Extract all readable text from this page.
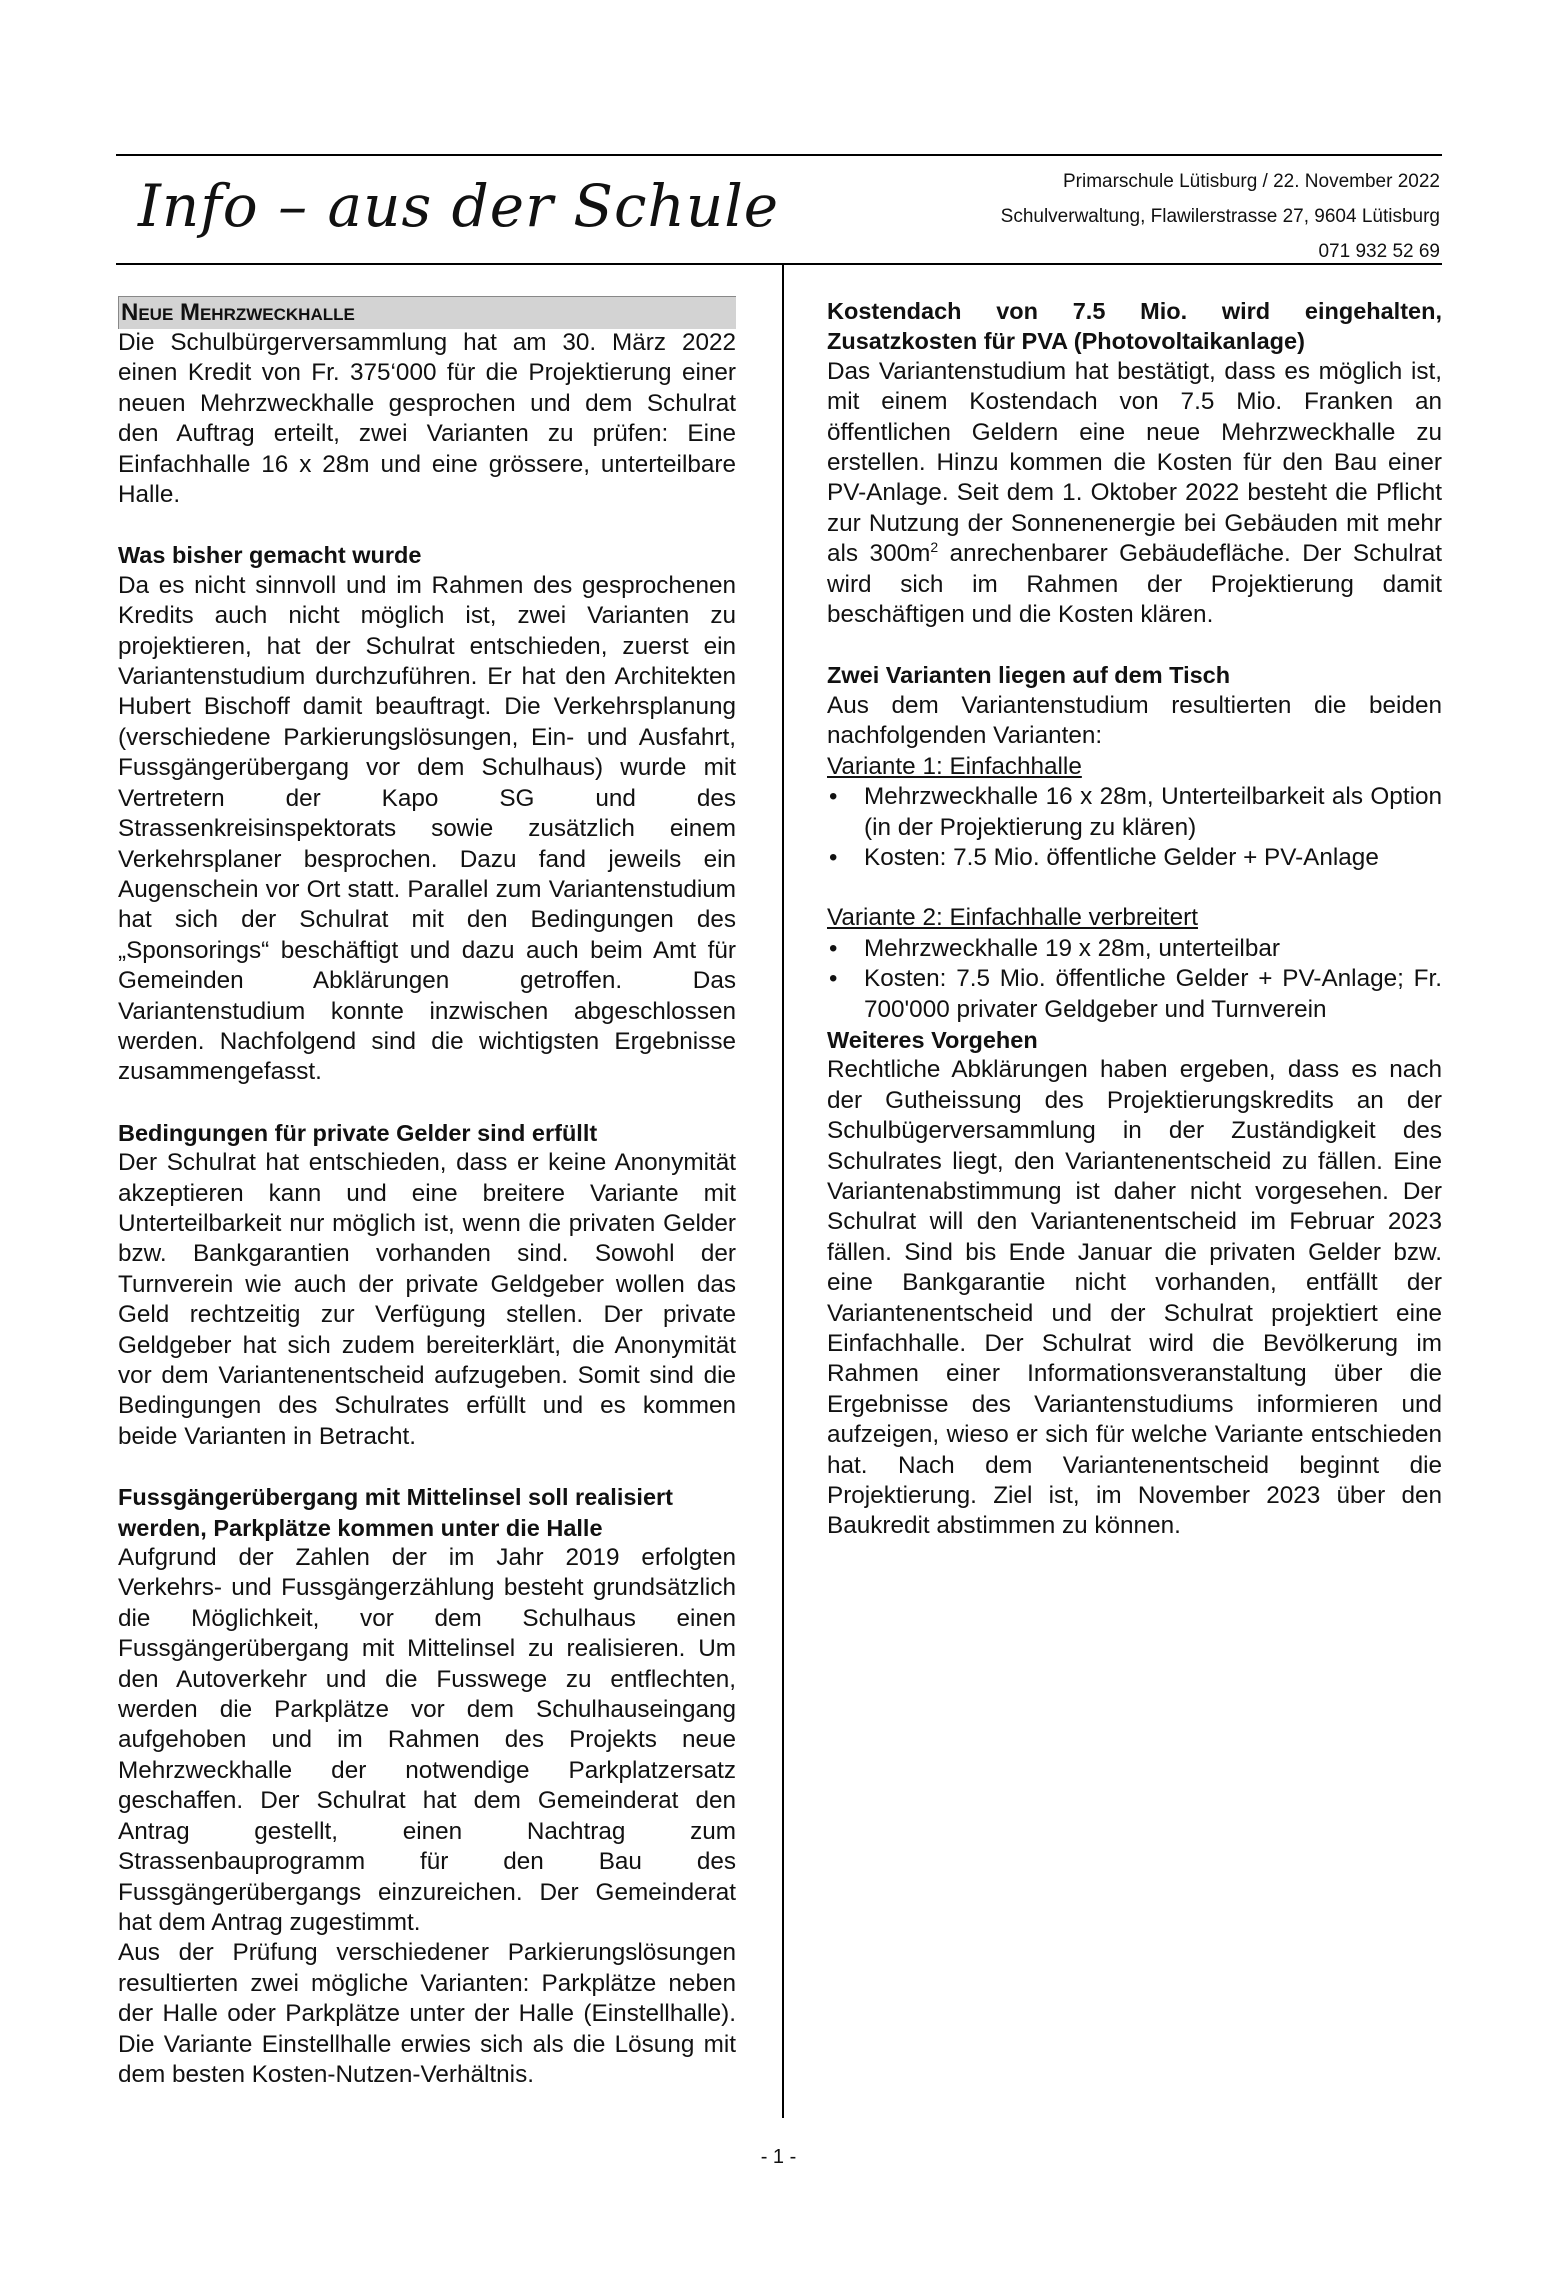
Info – aus der Schule	Primarschule Lütisburg / 22. November 2022
Schulverwaltung, Flawilerstrasse 27, 9604 Lütisburg
071 932 52 69
Neue Mehrzweckhalle

Die Schulbürgerversammlung hat am 30. März 2022 einen Kredit von Fr. 375‘000 für die Projektierung einer neuen Mehrzweckhalle gesprochen und dem Schulrat den Auftrag erteilt, zwei Varianten zu prüfen: Eine Einfachhalle 16 x 28m und eine grössere, unterteilbare Halle.

Was bisher gemacht wurde

Da es nicht sinnvoll und im Rahmen des gesprochenen Kredits auch nicht möglich ist, zwei Varianten zu projektieren, hat der Schulrat entschieden, zuerst ein Variantenstudium durchzuführen. Er hat den Architekten Hubert Bischoff damit beauftragt. Die Verkehrsplanung (verschiedene Parkierungslösungen, Ein- und Ausfahrt, Fussgängerübergang vor dem Schulhaus) wurde mit Vertretern der Kapo SG und des Strassenkreisinspektorats sowie zusätzlich einem Verkehrsplaner besprochen. Dazu fand jeweils ein Augenschein vor Ort statt. Parallel zum Variantenstudium hat sich der Schulrat mit den Bedingungen des „Sponsorings“ beschäftigt und dazu auch beim Amt für Gemeinden Abklärungen getroffen. Das Variantenstudium konnte inzwischen abgeschlossen werden. Nachfolgend sind die wichtigsten Ergebnisse zusammengefasst.

Bedingungen für private Gelder sind erfüllt

Der Schulrat hat entschieden, dass er keine Anonymität akzeptieren kann und eine breitere Variante mit Unterteilbarkeit nur möglich ist, wenn die privaten Gelder bzw. Bankgarantien vorhanden sind. Sowohl der Turnverein wie auch der private Geldgeber wollen das Geld rechtzeitig zur Verfügung stellen. Der private Geldgeber hat sich zudem bereiterklärt, die Anonymität vor dem Variantenentscheid aufzugeben. Somit sind die Bedingungen des Schulrates erfüllt und es kommen beide Varianten in Betracht.

Fussgängerübergang mit Mittelinsel soll realisiert werden, Parkplätze kommen unter die Halle

Aufgrund der Zahlen der im Jahr 2019 erfolgten Verkehrs- und Fussgängerzählung besteht grundsätzlich die Möglichkeit, vor dem Schulhaus einen Fussgängerübergang mit Mittelinsel zu realisieren. Um den Autoverkehr und die Fusswege zu entflechten, werden die Parkplätze vor dem Schulhauseingang aufgehoben und im Rahmen des Projekts neue Mehrzweckhalle der notwendige Parkplatzersatz geschaffen. Der Schulrat hat dem Gemeinderat den Antrag gestellt, einen Nachtrag zum Strassenbauprogramm für den Bau des Fussgängerübergangs einzureichen. Der Gemeinderat hat dem Antrag zugestimmt.

Aus der Prüfung verschiedener Parkierungslösungen resultierten zwei mögliche Varianten: Parkplätze neben der Halle oder Parkplätze unter der Halle (Einstellhalle). Die Variante Einstellhalle erwies sich als die Lösung mit dem besten Kosten-Nutzen-Verhältnis.

Kostendach von 7.5 Mio. wird eingehalten, Zusatzkosten für PVA (Photovoltaikanlage)

Das Variantenstudium hat bestätigt, dass es möglich ist, mit einem Kostendach von 7.5 Mio. Franken an öffentlichen Geldern eine neue Mehrzweckhalle zu erstellen. Hinzu kommen die Kosten für den Bau einer PV-Anlage. Seit dem 1. Oktober 2022 besteht die Pflicht zur Nutzung der Sonnenenergie bei Gebäuden mit mehr als $300m^2$ anrechenbarer Gebäudefläche. Der Schulrat wird sich im Rahmen der Projektierung damit beschäftigen und die Kosten klären.

Zwei Varianten liegen auf dem Tisch

Aus dem Variantenstudium resultierten die beiden nachfolgenden Varianten:

Variante 1: Einfachhalle
• Mehrzweckhalle 16 x 28m, Unterteilbarkeit als Option (in der Projektierung zu klären)
• Kosten: 7.5 Mio. öffentliche Gelder + PV-Anlage
Variante 2: Einfachhalle verbreitert
• Mehrzweckhalle 19 x 28m, unterteilbar
• Kosten: 7.5 Mio. öffentliche Gelder + PV-Anlage; Fr. 700'000 privater Geldgeber und Turnverein
Weiteres Vorgehen

Rechtliche Abklärungen haben ergeben, dass es nach der Gutheissung des Projektierungskredits an der Schulbügerversammlung in der Zuständigkeit des Schulrates liegt, den Variantenentscheid zu fällen. Eine Variantenabstimmung ist daher nicht vorgesehen. Der Schulrat will den Variantenentscheid im Februar 2023 fällen. Sind bis Ende Januar die privaten Gelder bzw. eine Bankgarantie nicht vorhanden, entfällt der Variantenentscheid und der Schulrat projektiert eine Einfachhalle. Der Schulrat wird die Bevölkerung im Rahmen einer Informationsveranstaltung über die Ergebnisse des Variantenstudiums informieren und aufzeigen, wieso er sich für welche Variante entschieden hat. Nach dem Variantenentscheid beginnt die Projektierung. Ziel ist, im November 2023 über den Baukredit abstimmen zu können.

- 1 -
